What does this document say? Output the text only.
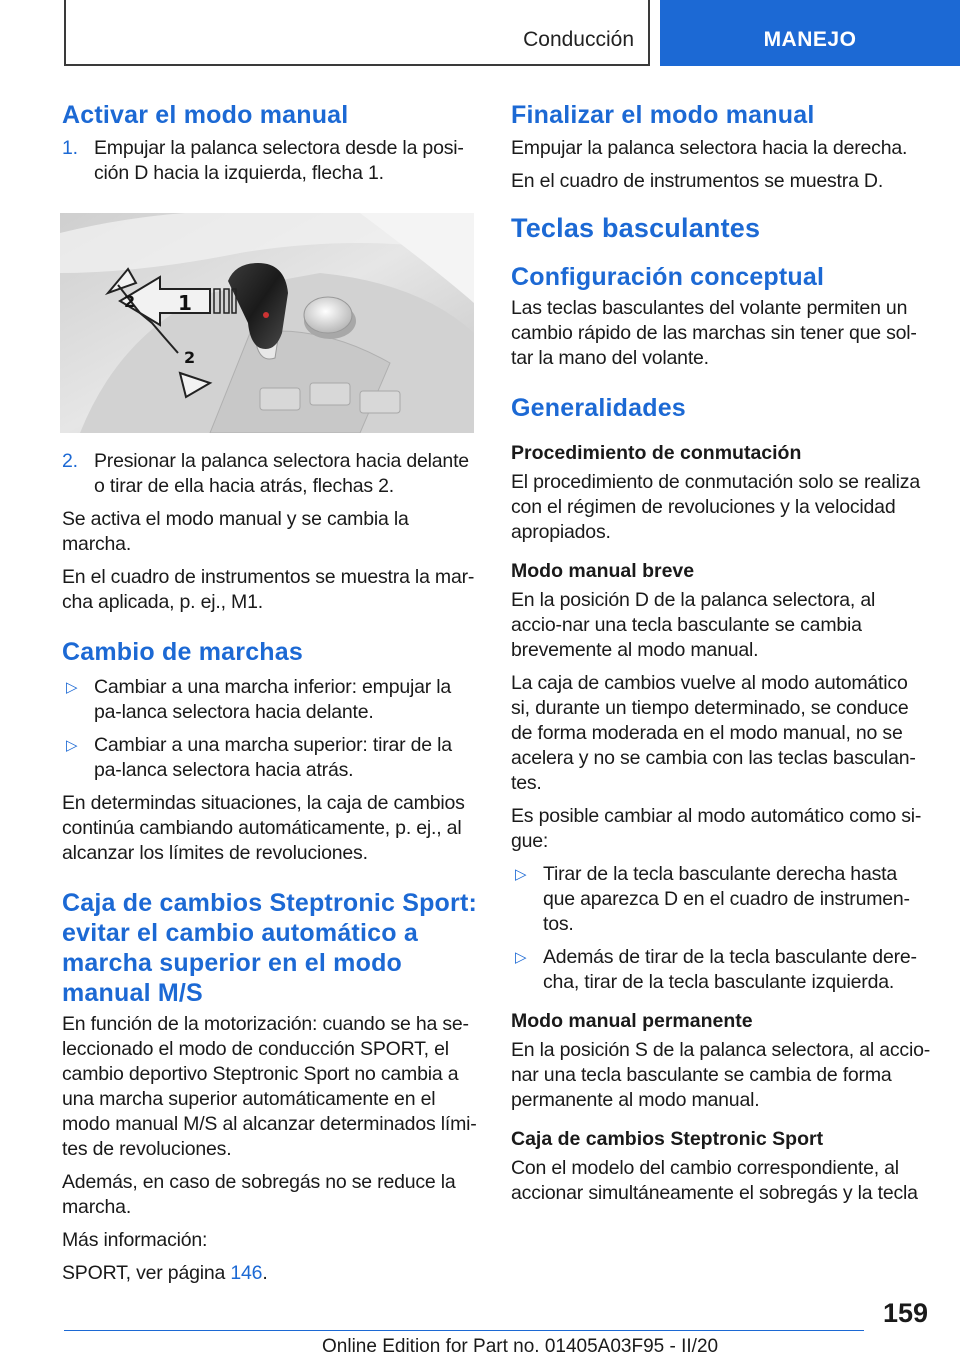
Conducción	MANEJO
Activar el modo manual
1. Empujar la palanca selectora desde la posi‐ción D hacia la izquierda, flecha 1.
1
2
2
2. Presionar la palanca selectora hacia delante o tirar de ella hacia atrás, flechas 2.
Se activa el modo manual y se cambia la marcha.
En el cuadro de instrumentos se muestra la mar‐cha aplicada, p. ej., M1.
Cambio de marchas
▷ Cambiar a una marcha inferior: empujar la pa‐lanca selectora hacia delante.
▷ Cambiar a una marcha superior: tirar de la pa‐lanca selectora hacia atrás.
En determindas situaciones, la caja de cambios continúa cambiando automáticamente, p. ej., al alcanzar los límites de revoluciones.
Caja de cambios Steptronic Sport: evitar el cambio automático a marcha superior en el modo manual M/S
En función de la motorización: cuando se ha se‐leccionado el modo de conducción SPORT, el cambio deportivo Steptronic Sport no cambia a una marcha superior automáticamente en el modo manual M/S al alcanzar determinados lími‐tes de revoluciones.
Además, en caso de sobregás no se reduce la marcha.
Más información:
SPORT, ver página 146.
Finalizar el modo manual
Empujar la palanca selectora hacia la derecha.
En el cuadro de instrumentos se muestra D.
Teclas basculantes
Configuración conceptual
Las teclas basculantes del volante permiten un cambio rápido de las marchas sin tener que sol‐tar la mano del volante.
Generalidades
Procedimiento de conmutación
El procedimiento de conmutación solo se realiza con el régimen de revoluciones y la velocidad apropiados.
Modo manual breve
En la posición D de la palanca selectora, al accio‐nar una tecla basculante se cambia brevemente al modo manual.
La caja de cambios vuelve al modo automático si, durante un tiempo determinado, se conduce de forma moderada en el modo manual, no se acelera y no se cambia con las teclas basculan‐tes.
Es posible cambiar al modo automático como si‐gue:
▷ Tirar de la tecla basculante derecha hasta que aparezca D en el cuadro de instrumen‐tos.
▷ Además de tirar de la tecla basculante dere‐cha, tirar de la tecla basculante izquierda.
Modo manual permanente
En la posición S de la palanca selectora, al accio‐nar una tecla basculante se cambia de forma permanente al modo manual.
Caja de cambios Steptronic Sport
Con el modelo del cambio correspondiente, al accionar simultáneamente el sobregás y la tecla
159
Online Edition for Part no. 01405A03F95 - II/20
